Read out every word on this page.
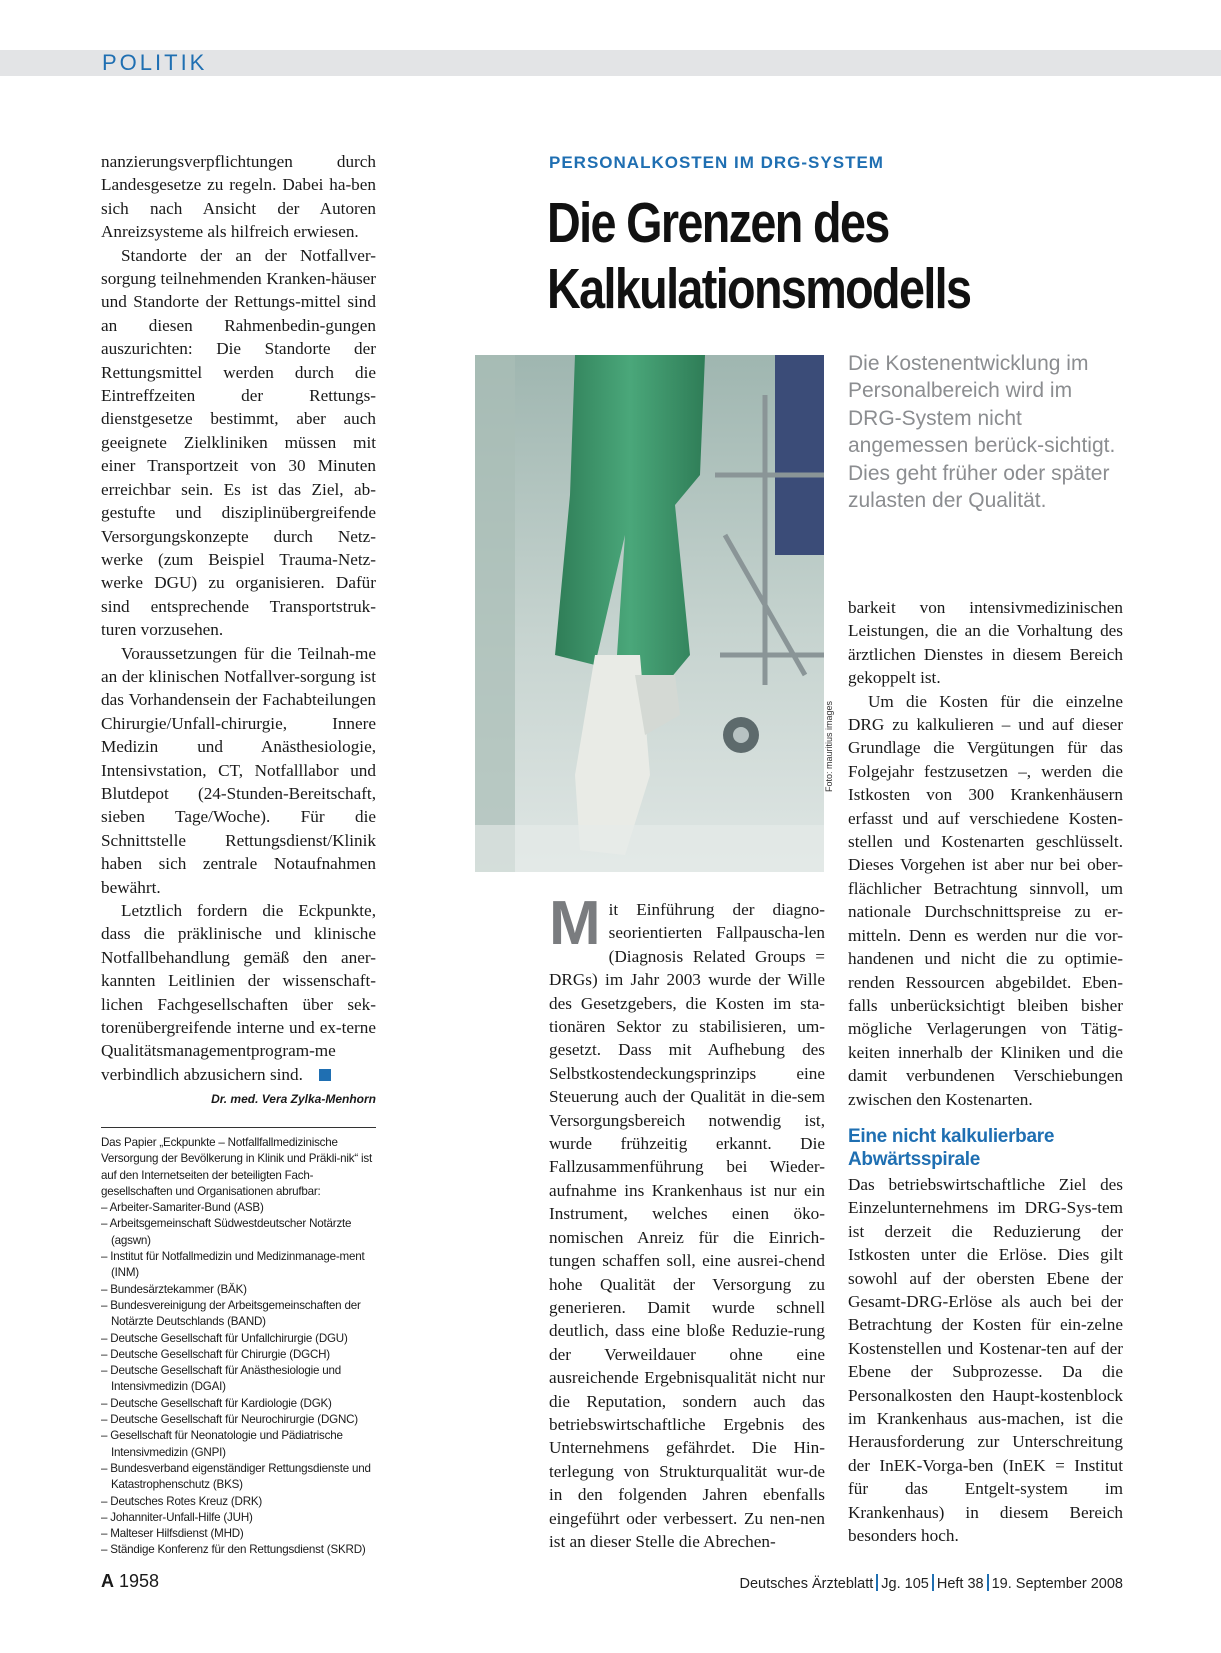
POLITIK

nanzierungsverpflichtungen durch Landesgesetze zu regeln. Dabei ha-ben sich nach Ansicht der Autoren Anreizsysteme als hilfreich erwiesen.

Standorte der an der Notfallver-sorgung teilnehmenden Kranken-häuser und Standorte der Rettungs-mittel sind an diesen Rahmenbedin-gungen auszurichten: Die Standorte der Rettungsmittel werden durch die Eintreffzeiten der Rettungs-dienstgesetze bestimmt, aber auch geeignete Zielkliniken müssen mit einer Transportzeit von 30 Minuten erreichbar sein. Es ist das Ziel, ab-gestufte und disziplinübergreifende Versorgungskonzepte durch Netz-werke (zum Beispiel Trauma-Netz-werke DGU) zu organisieren. Dafür sind entsprechende Transportstruk-turen vorzusehen.

Voraussetzungen für die Teilnah-me an der klinischen Notfallver-sorgung ist das Vorhandensein der Fachabteilungen Chirurgie/Unfall-chirurgie, Innere Medizin und Anästhesiologie, Intensivstation, CT, Notfalllabor und Blutdepot (24-Stunden-Bereitschaft, sieben Tage/Woche). Für die Schnittstelle Rettungsdienst/Klinik haben sich zentrale Notaufnahmen bewährt.

Letztlich fordern die Eckpunkte, dass die präklinische und klinische Notfallbehandlung gemäß den aner-kannten Leitlinien der wissenschaft-lichen Fachgesellschaften über sek-torenübergreifende interne und ex-terne Qualitätsmanagementprogram-me verbindlich abzusichern sind.

Dr. med. Vera Zylka-Menhorn

Das Papier „Eckpunkte – Notfallfallmedizinische Versorgung der Bevölkerung in Klinik und Präkli-nik“ ist auf den Internetseiten der beteiligten Fach-gesellschaften und Organisationen abrufbar:

– Arbeiter-Samariter-Bund (ASB)
– Arbeitsgemeinschaft Südwestdeutscher Notärzte (agswn)
– Institut für Notfallmedizin und Medizinmanage-ment (INM)
– Bundesärztekammer (BÄK)
– Bundesvereinigung der Arbeitsgemeinschaften der Notärzte Deutschlands (BAND)
– Deutsche Gesellschaft für Unfallchirurgie (DGU)
– Deutsche Gesellschaft für Chirurgie (DGCH)
– Deutsche Gesellschaft für Anästhesiologie und Intensivmedizin (DGAI)
– Deutsche Gesellschaft für Kardiologie (DGK)
– Deutsche Gesellschaft für Neurochirurgie (DGNC)
– Gesellschaft für Neonatologie und Pädiatrische Intensivmedizin (GNPI)
– Bundesverband eigenständiger Rettungsdienste und Katastrophenschutz (BKS)
– Deutsches Rotes Kreuz (DRK)
– Johanniter-Unfall-Hilfe (JUH)
– Malteser Hilfsdienst (MHD)
– Ständige Konferenz für den Rettungsdienst (SKRD)
PERSONALKOSTEN IM DRG-SYSTEM
Die Grenzen des
Kalkulationsmodells
Foto: mauritius images
Die Kostenentwicklung im Personalbereich wird im DRG-System nicht angemessen berück-sichtigt. Dies geht früher oder später zulasten der Qualität.

Mit Einführung der diagno-seorientierten Fallpauscha-len (Diagnosis Related Groups = DRGs) im Jahr 2003 wurde der Wille des Gesetzgebers, die Kosten im sta-tionären Sektor zu stabilisieren, um-gesetzt. Dass mit Aufhebung des Selbstkostendeckungsprinzips eine Steuerung auch der Qualität in die-sem Versorgungsbereich notwendig ist, wurde frühzeitig erkannt. Die Fallzusammenführung bei Wieder-aufnahme ins Krankenhaus ist nur ein Instrument, welches einen öko-nomischen Anreiz für die Einrich-tungen schaffen soll, eine ausrei-chend hohe Qualität der Versorgung zu generieren. Damit wurde schnell deutlich, dass eine bloße Reduzie-rung der Verweildauer ohne eine ausreichende Ergebnisqualität nicht nur die Reputation, sondern auch das betriebswirtschaftliche Ergebnis des Unternehmens gefährdet. Die Hin-terlegung von Strukturqualität wur-de in den folgenden Jahren ebenfalls eingeführt oder verbessert. Zu nen-nen ist an dieser Stelle die Abrechen-

barkeit von intensivmedizinischen Leistungen, die an die Vorhaltung des ärztlichen Dienstes in diesem Bereich gekoppelt ist.

Um die Kosten für die einzelne DRG zu kalkulieren – und auf dieser Grundlage die Vergütungen für das Folgejahr festzusetzen –, werden die Istkosten von 300 Krankenhäusern erfasst und auf verschiedene Kosten-stellen und Kostenarten geschlüsselt. Dieses Vorgehen ist aber nur bei ober-flächlicher Betrachtung sinnvoll, um nationale Durchschnittspreise zu er-mitteln. Denn es werden nur die vor-handenen und nicht die zu optimie-renden Ressourcen abgebildet. Eben-falls unberücksichtigt bleiben bisher mögliche Verlagerungen von Tätig-keiten innerhalb der Kliniken und die damit verbundenen Verschiebungen zwischen den Kostenarten.

Eine nicht kalkulierbare Abwärtsspirale

Das betriebswirtschaftliche Ziel des Einzelunternehmens im DRG-Sys-tem ist derzeit die Reduzierung der Istkosten unter die Erlöse. Dies gilt sowohl auf der obersten Ebene der Gesamt-DRG-Erlöse als auch bei der Betrachtung der Kosten für ein-zelne Kostenstellen und Kostenar-ten auf der Ebene der Subprozesse. Da die Personalkosten den Haupt-kostenblock im Krankenhaus aus-machen, ist die Herausforderung zur Unterschreitung der InEK-Vorga-ben (InEK = Institut für das Entgelt-system im Krankenhaus) in diesem Bereich besonders hoch.

A 1958	Deutsches Ärzteblatt Jg. 105 Heft 38 19. September 2008
